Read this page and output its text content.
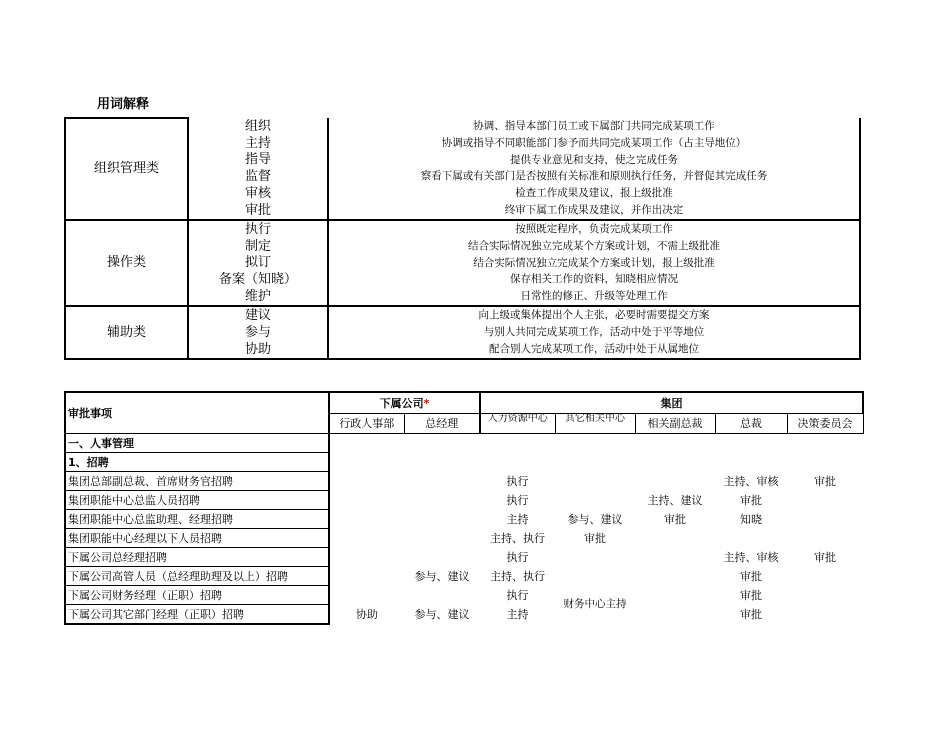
用词解释
组织管理类	组织	协调、指导本部门员工或下属部门共同完成某项工作
	主持	协调或指导不同职能部门参予而共同完成某项工作（占主导地位）
	指导	提供专业意见和支持，使之完成任务
	监督	察看下属或有关部门是否按照有关标准和原则执行任务，并督促其完成任务
	审核	检查工作成果及建议，报上级批准
	审批	终审下属工作成果及建议，并作出决定
操作类	执行	按照既定程序，负责完成某项工作
	制定	结合实际情况独立完成某个方案或计划，不需上级批准
	拟订	结合实际情况独立完成某个方案或计划，报上级批准
	备案（知晓）	保存相关工作的资料，知晓相应情况
	维护	日常性的修正、升级等处理工作
辅助类	建议	向上级或集体提出个人主张，必要时需要提交方案
	参与	与别人共同完成某项工作，活动中处于平等地位
	协助	配合别人完成某项工作，活动中处于从属地位
审批事项	下属公司*		集团				
	行政人事部	总经理	人力资源中心	其它相关中心	相关副总裁	总裁	决策委员会
一、人事管理							
1、招聘							
集团总部副总裁、首席财务官招聘			执行			主持、审核	审批
集团职能中心总监人员招聘			执行		主持、建议	审批	
集团职能中心总监助理、经理招聘			主持	参与、建议	审批	知晓	
集团职能中心经理以下人员招聘			主持、执行	审批			
下属公司总经理招聘			执行			主持、审核	审批
下属公司高管人员（总经理助理及以上）招聘		参与、建议	主持、执行			审批	
下属公司财务经理（正职）招聘			执行	财务中心主持		审批	
下属公司其它部门经理（正职）招聘	协助	参与、建议	主持			审批	
